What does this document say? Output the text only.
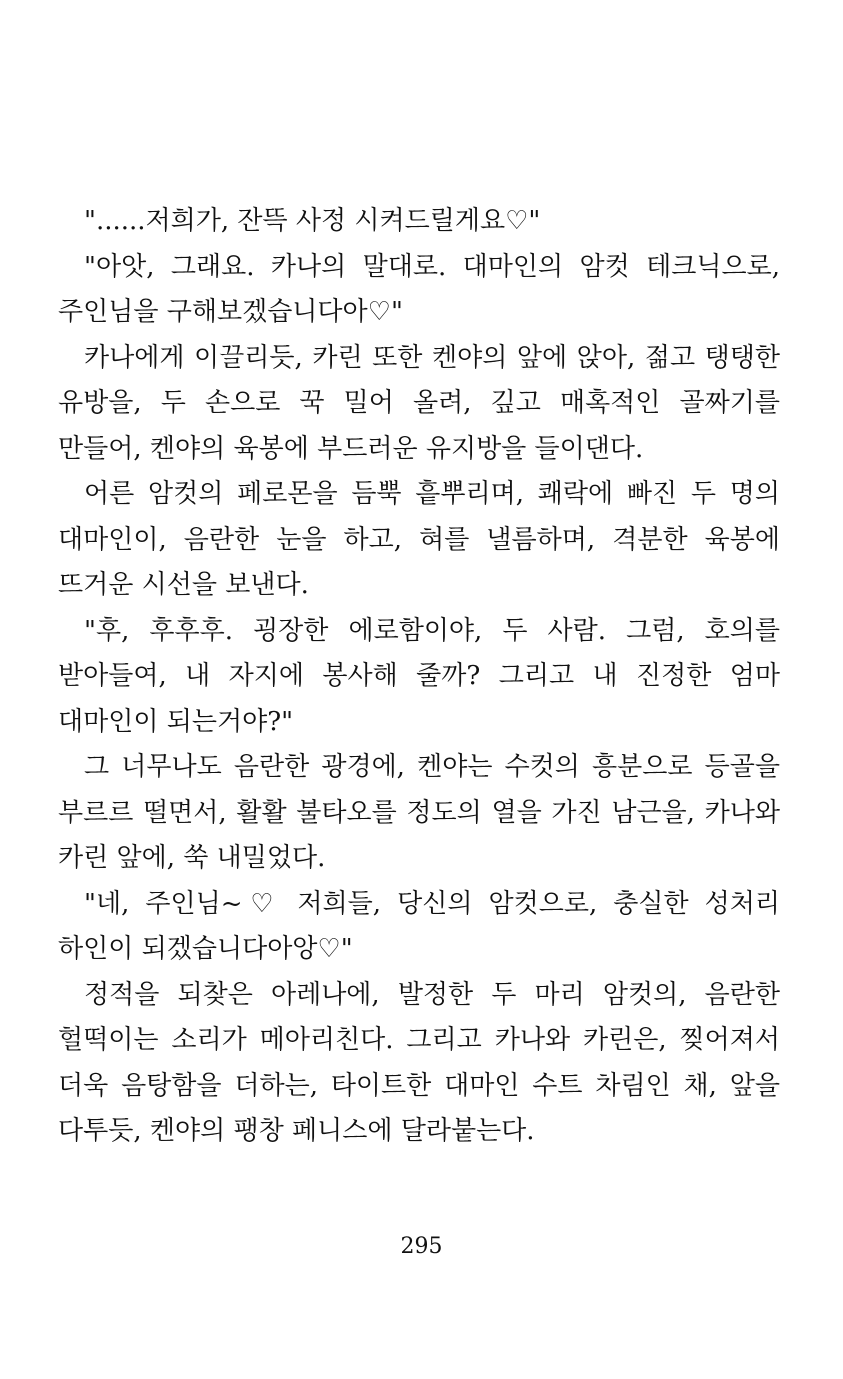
"......저희가, 잔뜩 사정 시켜드릴게요♡"

"아앗, 그래요. 카나의 말대로. 대마인의 암컷 테크닉으로, 주인님을 구해보겠습니다아♡"

카나에게 이끌리듯, 카린 또한 켄야의 앞에 앉아, 젊고 탱탱한 유방을, 두 손으로 꾹 밀어 올려, 깊고 매혹적인 골짜기를 만들어, 켄야의 육봉에 부드러운 유지방을 들이댄다.

어른 암컷의 페로몬을 듬뿍 흩뿌리며, 쾌락에 빠진 두 명의 대마인이, 음란한 눈을 하고, 혀를 낼름하며, 격분한 육봉에 뜨거운 시선을 보낸다.

"후, 후후후. 굉장한 에로함이야, 두 사람. 그럼, 호의를 받아들여, 내 자지에 봉사해 줄까? 그리고 내 진정한 엄마 대마인이 되는거야?"

그 너무나도 음란한 광경에, 켄야는 수컷의 흥분으로 등골을 부르르 떨면서, 활활 불타오를 정도의 열을 가진 남근을, 카나와 카린 앞에, 쑥 내밀었다.

"네, 주인님~♡ 저희들, 당신의 암컷으로, 충실한 성처리 하인이 되겠습니다아앙♡"

정적을 되찾은 아레나에, 발정한 두 마리 암컷의, 음란한 헐떡이는 소리가 메아리친다. 그리고 카나와 카린은, 찢어져서 더욱 음탕함을 더하는, 타이트한 대마인 수트 차림인 채, 앞을 다투듯, 켄야의 팽창 페니스에 달라붙는다.

295
